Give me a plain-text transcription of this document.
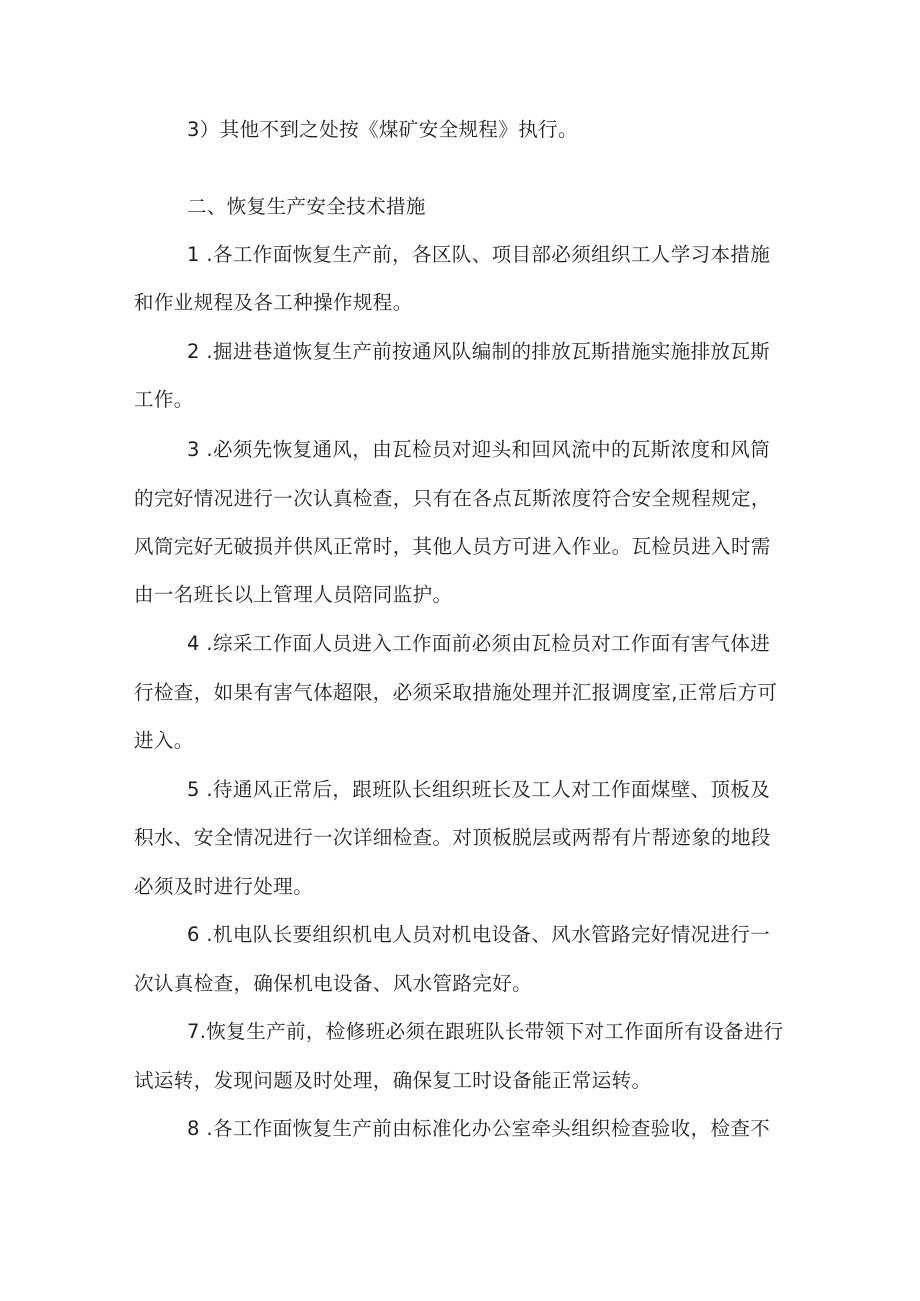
3）其他不到之处按《煤矿安全规程》执行。
二、恢复生产安全技术措施
1 .各工作面恢复生产前，各区队、项目部必须组织工人学习本措施
和作业规程及各工种操作规程。
2 .掘进巷道恢复生产前按通风队编制的排放瓦斯措施实施排放瓦斯
工作。
3 .必须先恢复通风，由瓦检员对迎头和回风流中的瓦斯浓度和风筒
的完好情况进行一次认真检查，只有在各点瓦斯浓度符合安全规程规定，
风筒完好无破损并供风正常时，其他人员方可进入作业。瓦检员进入时需
由一名班长以上管理人员陪同监护。
4 .综采工作面人员进入工作面前必须由瓦检员对工作面有害气体进
行检查，如果有害气体超限，必须采取措施处理并汇报调度室,正常后方可
进入。
5 .待通风正常后，跟班队长组织班长及工人对工作面煤壁、顶板及
积水、安全情况进行一次详细检查。对顶板脱层或两帮有片帮迹象的地段
必须及时进行处理。
6 .机电队长要组织机电人员对机电设备、风水管路完好情况进行一
次认真检查，确保机电设备、风水管路完好。
7.恢复生产前，检修班必须在跟班队长带领下对工作面所有设备进行
试运转，发现问题及时处理，确保复工时设备能正常运转。
8 .各工作面恢复生产前由标准化办公室牵头组织检查验收，检查不
